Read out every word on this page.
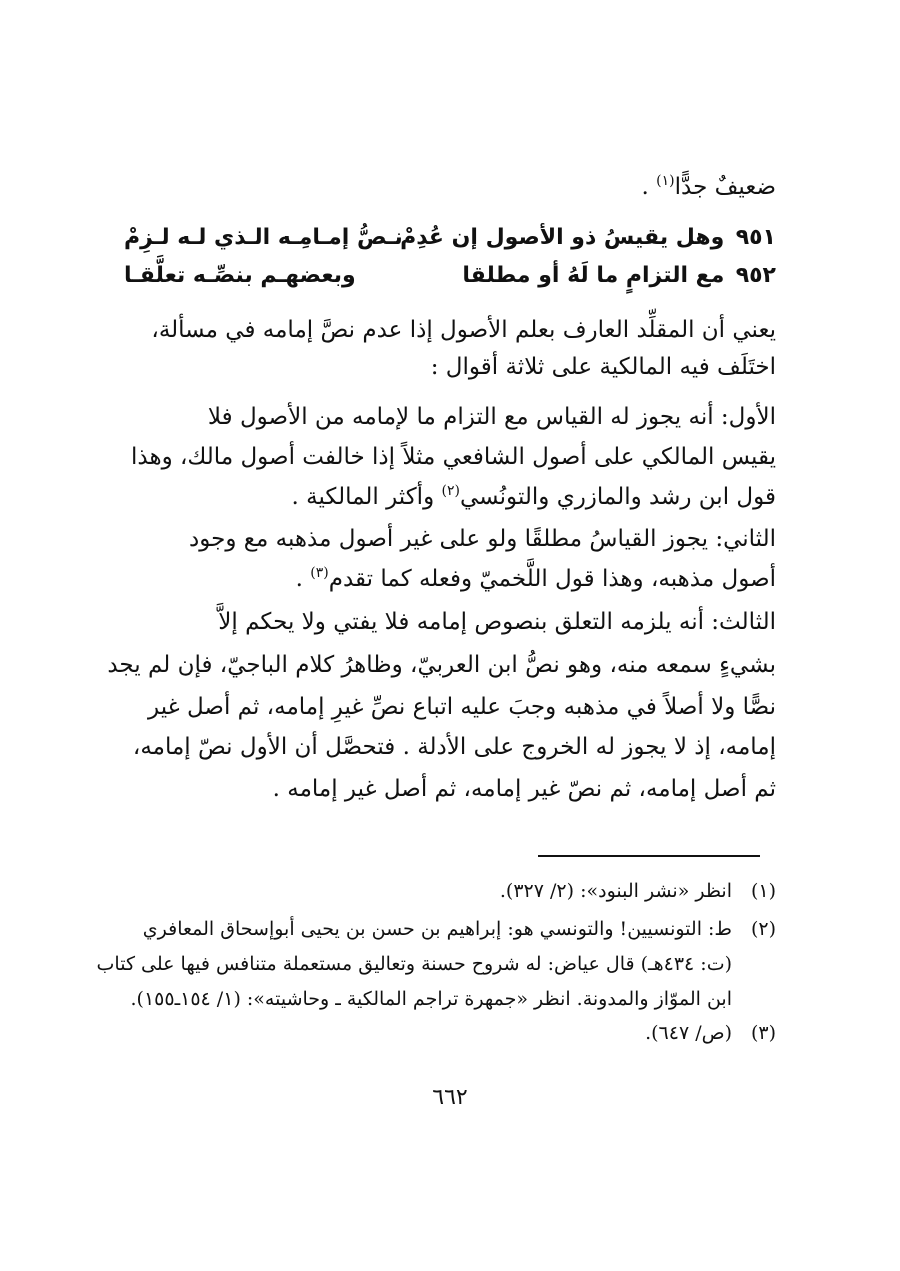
ضعيفٌ جدًّا$^{(١)}$ .
٩٥١ وهل يقيسُ ذو الأصول إن عُدِمْ
نـصُّ إمـامِـه الـذي لـه لـزِمْ
٩٥٢ مع التزامٍ ما لَهُ أو مطلقا
وبعضهـم بنصِّـه تعلَّقـا
يعني أن المقلِّد العارف بعلم الأصول إذا عدم نصَّ إمامه في مسألة،
اختَلَف فيه المالكية على ثلاثة أقوال :
الأول: أنه يجوز له القياس مع التزام ما لإمامه من الأصول فلا
يقيس المالكي على أصول الشافعي مثلاً إذا خالفت أصول مالك، وهذا
قول ابن رشد والمازري والتونُسي$^{(٢)}$ وأكثر المالكية .
الثاني: يجوز القياسُ مطلقًا ولو على غير أصول مذهبه مع وجود
أصول مذهبه، وهذا قول اللَّخميّ وفعله كما تقدم$^{(٣)}$ .
الثالث: أنه يلزمه التعلق بنصوص إمامه فلا يفتي ولا يحكم إلاَّ
بشيءٍ سمعه منه، وهو نصُّ ابن العربيّ، وظاهرُ كلام الباجيّ، فإن لم يجد
نصًّا ولا أصلاً في مذهبه وجبَ عليه اتباع نصِّ غيرِ إمامه، ثم أصل غير
إمامه، إذ لا يجوز له الخروج على الأدلة . فتحصَّل أن الأول نصّ إمامه،
ثم أصل إمامه، ثم نصّ غير إمامه، ثم أصل غير إمامه .
(١)انظر «نشر البنود»: (٢/ ٣٢٧).
(٢)ط: التونسيين! والتونسي هو: إبراهيم بن حسن بن يحيى أبوإسحاق المعافري
(ت: ٤٣٤هـ) قال عياض: له شروح حسنة وتعاليق مستعملة متنافس فيها على كتاب
ابن الموّاز والمدونة. انظر «جمهرة تراجم المالكية ـ وحاشيته»: (١/ ١٥٤ـ١٥٥).
(٣)(ص/ ٦٤٧).
٦٦٢
